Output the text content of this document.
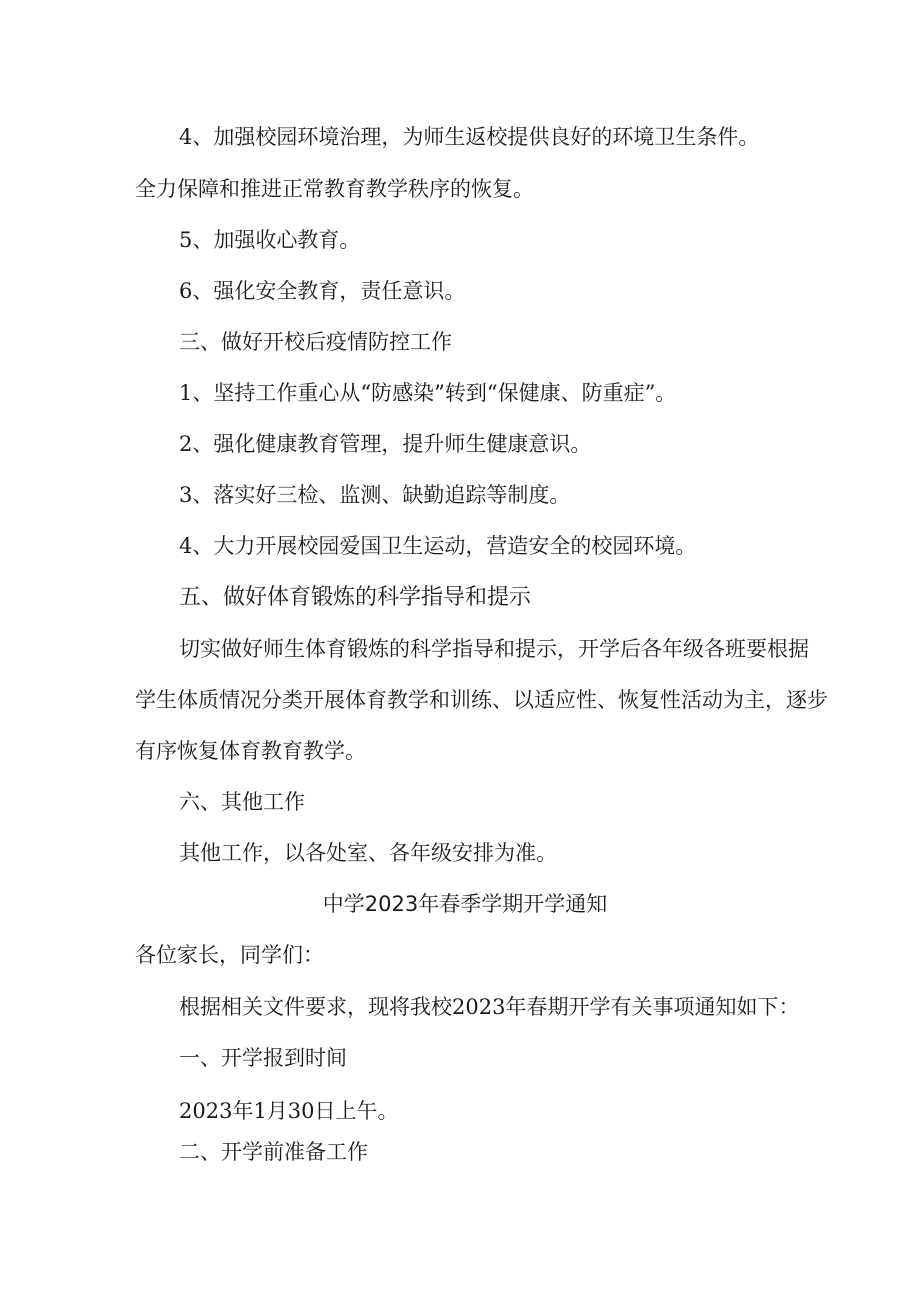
4、加强校园环境治理，为师生返校提供良好的环境卫生条件。

全力保障和推进正常教育教学秩序的恢复。

5、加强收心教育。

6、强化安全教育，责任意识。

三、做好开校后疫情防控工作

1、坚持工作重心从“防感染”转到“保健康、防重症”。

2、强化健康教育管理，提升师生健康意识。

3、落实好三检、监测、缺勤追踪等制度。

4、大力开展校园爱国卫生运动，营造安全的校园环境。

五、做好体育锻炼的科学指导和提示

切实做好师生体育锻炼的科学指导和提示，开学后各年级各班要根据

学生体质情况分类开展体育教学和训练、以适应性、恢复性活动为主，逐步

有序恢复体育教育教学。

六、其他工作

其他工作，以各处室、各年级安排为准。

中学2023年春季学期开学通知

各位家长，同学们：

根据相关文件要求，现将我校2023年春期开学有关事项通知如下：

一、开学报到时间

2023年1月30日上午。

二、开学前准备工作
